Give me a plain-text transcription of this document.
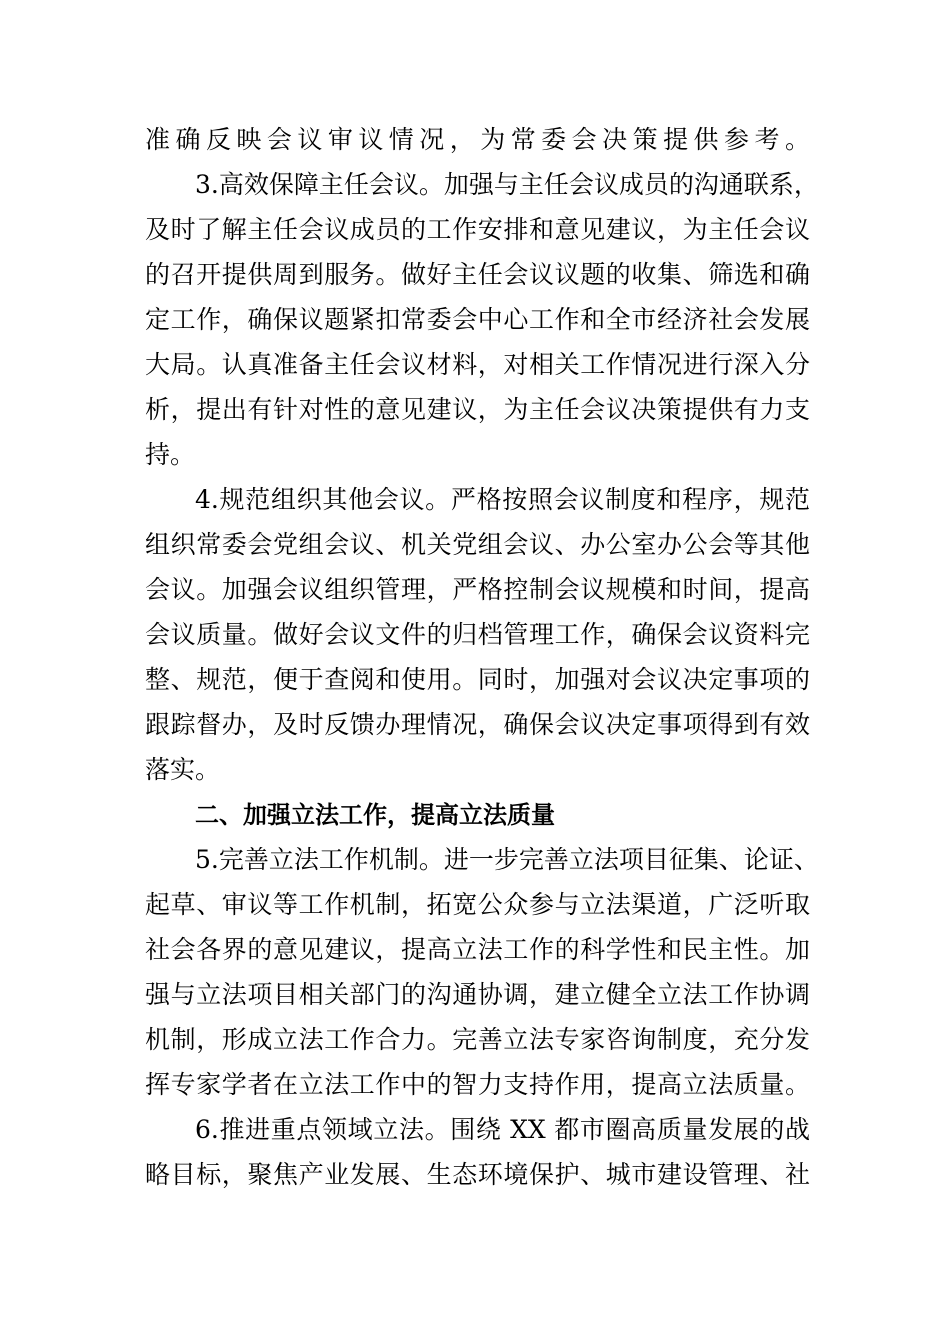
准确反映会议审议情况，为常委会决策提供参考。
3.高效保障主任会议。加强与主任会议成员的沟通联系，
及时了解主任会议成员的工作安排和意见建议，为主任会议
的召开提供周到服务。做好主任会议议题的收集、筛选和确
定工作，确保议题紧扣常委会中心工作和全市经济社会发展
大局。认真准备主任会议材料，对相关工作情况进行深入分
析，提出有针对性的意见建议，为主任会议决策提供有力支
持。
4.规范组织其他会议。严格按照会议制度和程序，规范
组织常委会党组会议、机关党组会议、办公室办公会等其他
会议。加强会议组织管理，严格控制会议规模和时间，提高
会议质量。做好会议文件的归档管理工作，确保会议资料完
整、规范，便于查阅和使用。同时，加强对会议决定事项的
跟踪督办，及时反馈办理情况，确保会议决定事项得到有效
落实。
二、加强立法工作，提高立法质量
5.完善立法工作机制。进一步完善立法项目征集、论证、
起草、审议等工作机制，拓宽公众参与立法渠道，广泛听取
社会各界的意见建议，提高立法工作的科学性和民主性。加
强与立法项目相关部门的沟通协调，建立健全立法工作协调
机制，形成立法工作合力。完善立法专家咨询制度，充分发
挥专家学者在立法工作中的智力支持作用，提高立法质量。
6.推进重点领域立法。围绕 XX 都市圈高质量发展的战
略目标，聚焦产业发展、生态环境保护、城市建设管理、社
